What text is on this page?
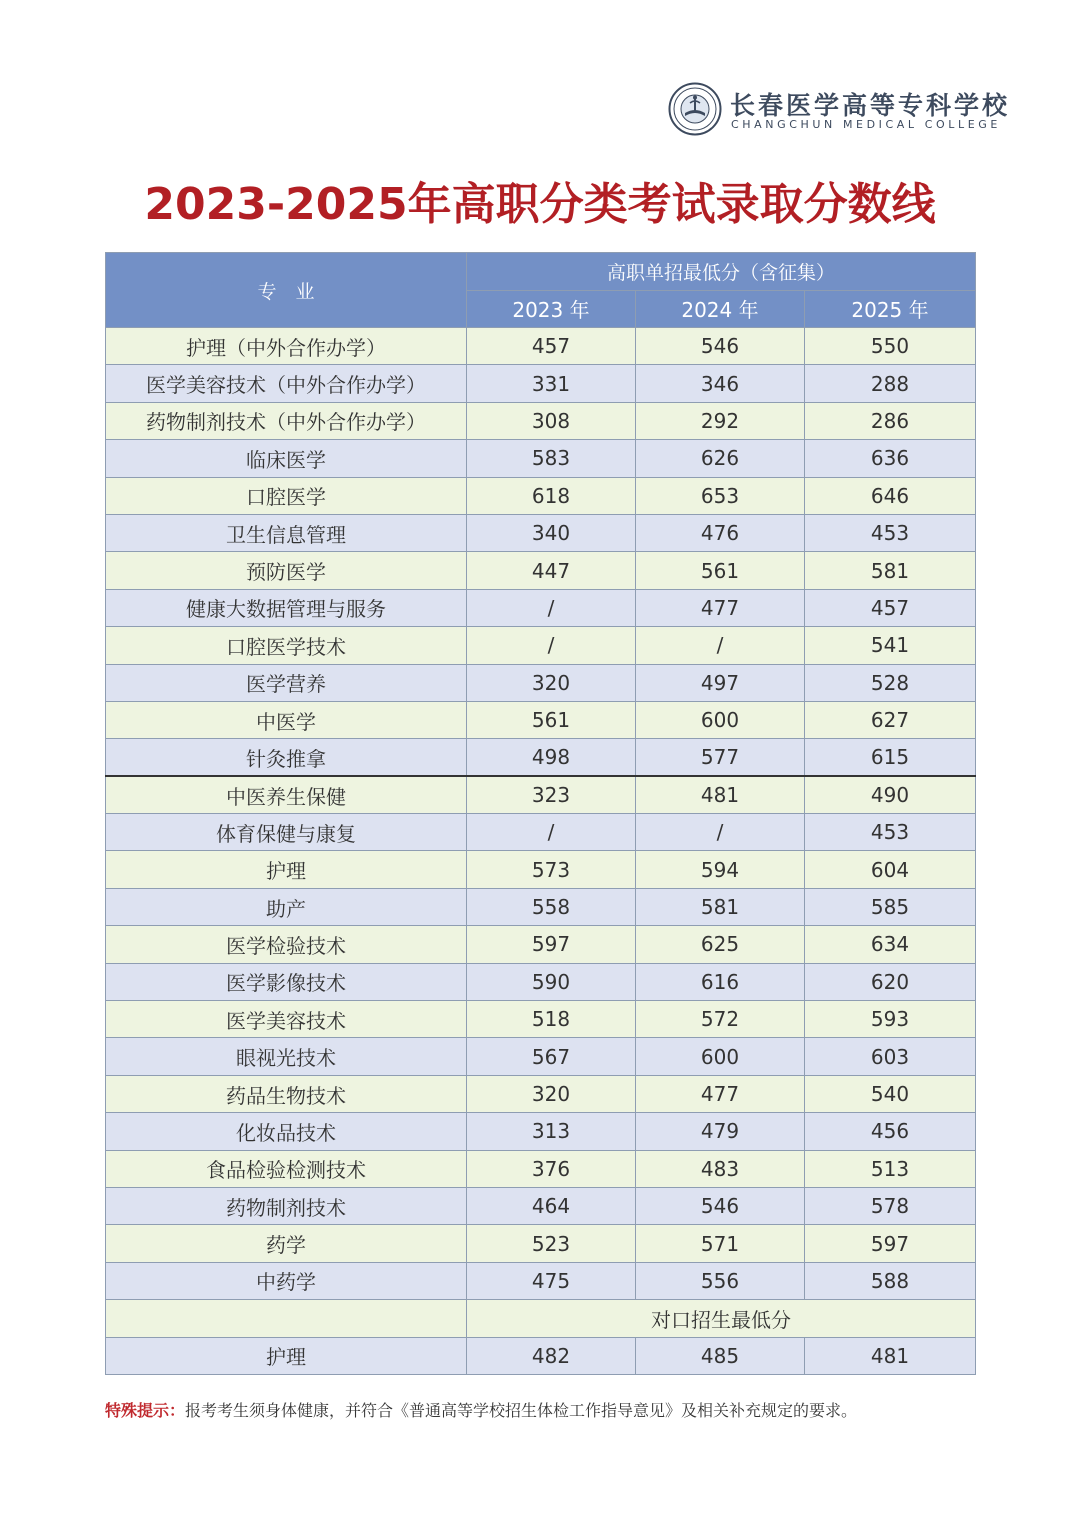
长春医学高等专科学校
CHANGCHUN MEDICAL COLLEGE
2023-2025年高职分类考试录取分数线
专　业	高职单招最低分（含征集）		
	2023 年	2024 年	2025 年
护理（中外合作办学）	457	546	550
医学美容技术（中外合作办学）	331	346	288
药物制剂技术（中外合作办学）	308	292	286
临床医学	583	626	636
口腔医学	618	653	646
卫生信息管理	340	476	453
预防医学	447	561	581
健康大数据管理与服务	/	477	457
口腔医学技术	/	/	541
医学营养	320	497	528
中医学	561	600	627
针灸推拿	498	577	615
中医养生保健	323	481	490
体育保健与康复	/	/	453
护理	573	594	604
助产	558	581	585
医学检验技术	597	625	634
医学影像技术	590	616	620
医学美容技术	518	572	593
眼视光技术	567	600	603
药品生物技术	320	477	540
化妆品技术	313	479	456
食品检验检测技术	376	483	513
药物制剂技术	464	546	578
药学	523	571	597
中药学	475	556	588
	对口招生最低分		
护理	482	485	481
特殊提示：报考考生须身体健康，并符合《普通高等学校招生体检工作指导意见》及相关补充规定的要求。
